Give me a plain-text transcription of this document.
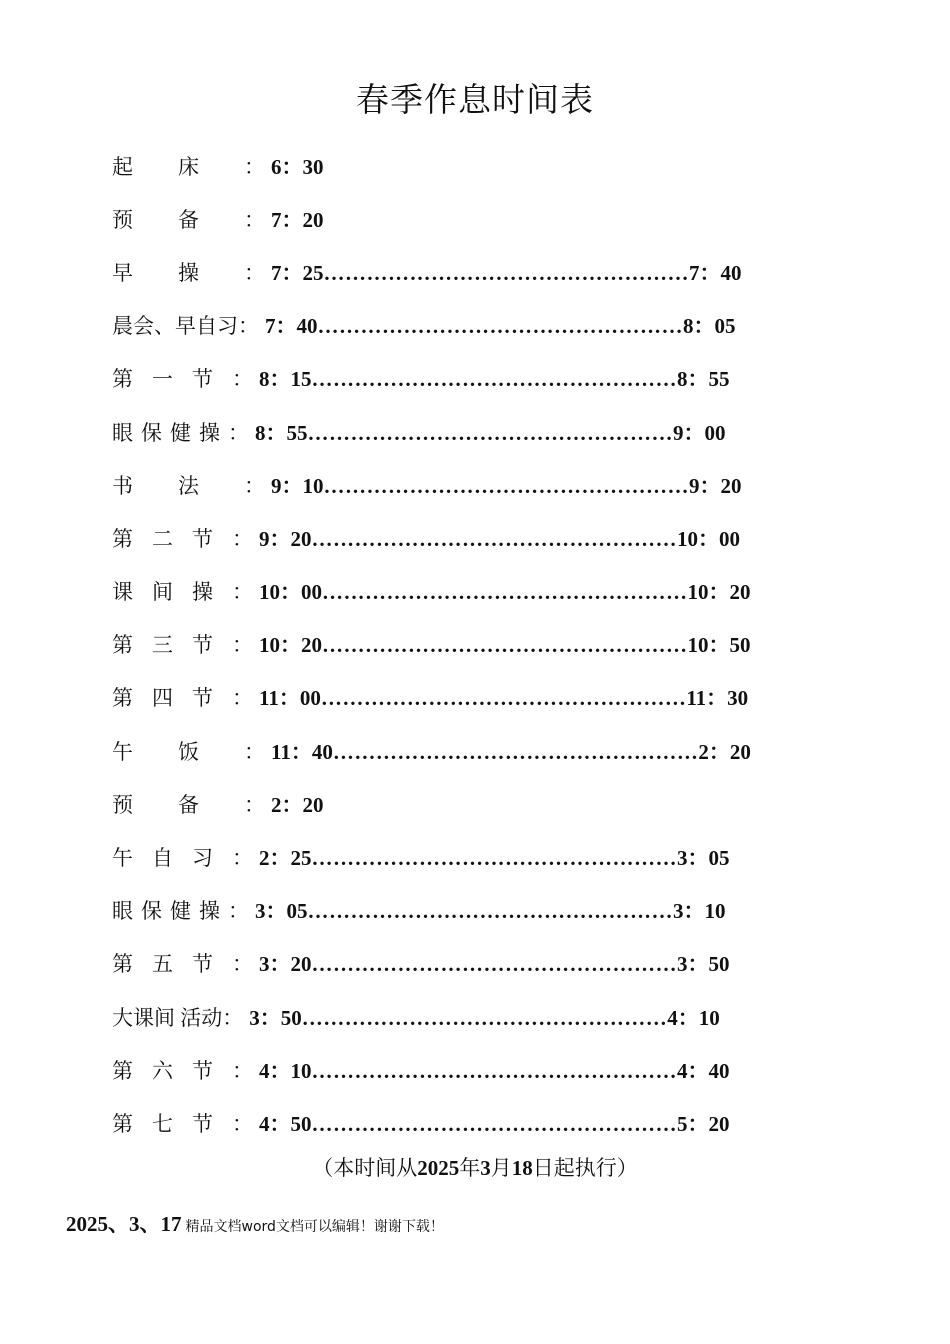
春季作息时间表
起床 ： 6：30
预备 ： 7：20
早操 ： 7：25 …………………………………………… 7：40
晨会、早自习 ： 7：40 …………………………………………… 8：05
第一节 ： 8：15 …………………………………………… 8：55
眼保健操 ： 8：55 …………………………………………… 9：00
书法 ： 9：10 …………………………………………… 9：20
第二节 ： 9：20 …………………………………………… 10：00
课间操 ： 10：00 …………………………………………… 10：20
第三节 ： 10：20 …………………………………………… 10：50
第四节 ： 11：00 …………………………………………… 11：30
午饭 ： 11：40 …………………………………………… 2：20
预备 ： 2：20
午自习 ： 2：25 …………………………………………… 3：05
眼保健操 ： 3：05 …………………………………………… 3：10
第五节 ： 3：20 …………………………………………… 3：50
大课间 活动 ： 3：50 …………………………………………… 4：10
第六节 ： 4：10 …………………………………………… 4：40
第七节 ： 4：50 …………………………………………… 5：20
（本时间从2025年3月18日起执行）
2025、3、17 精品文档word文档可以编辑！谢谢下载！
